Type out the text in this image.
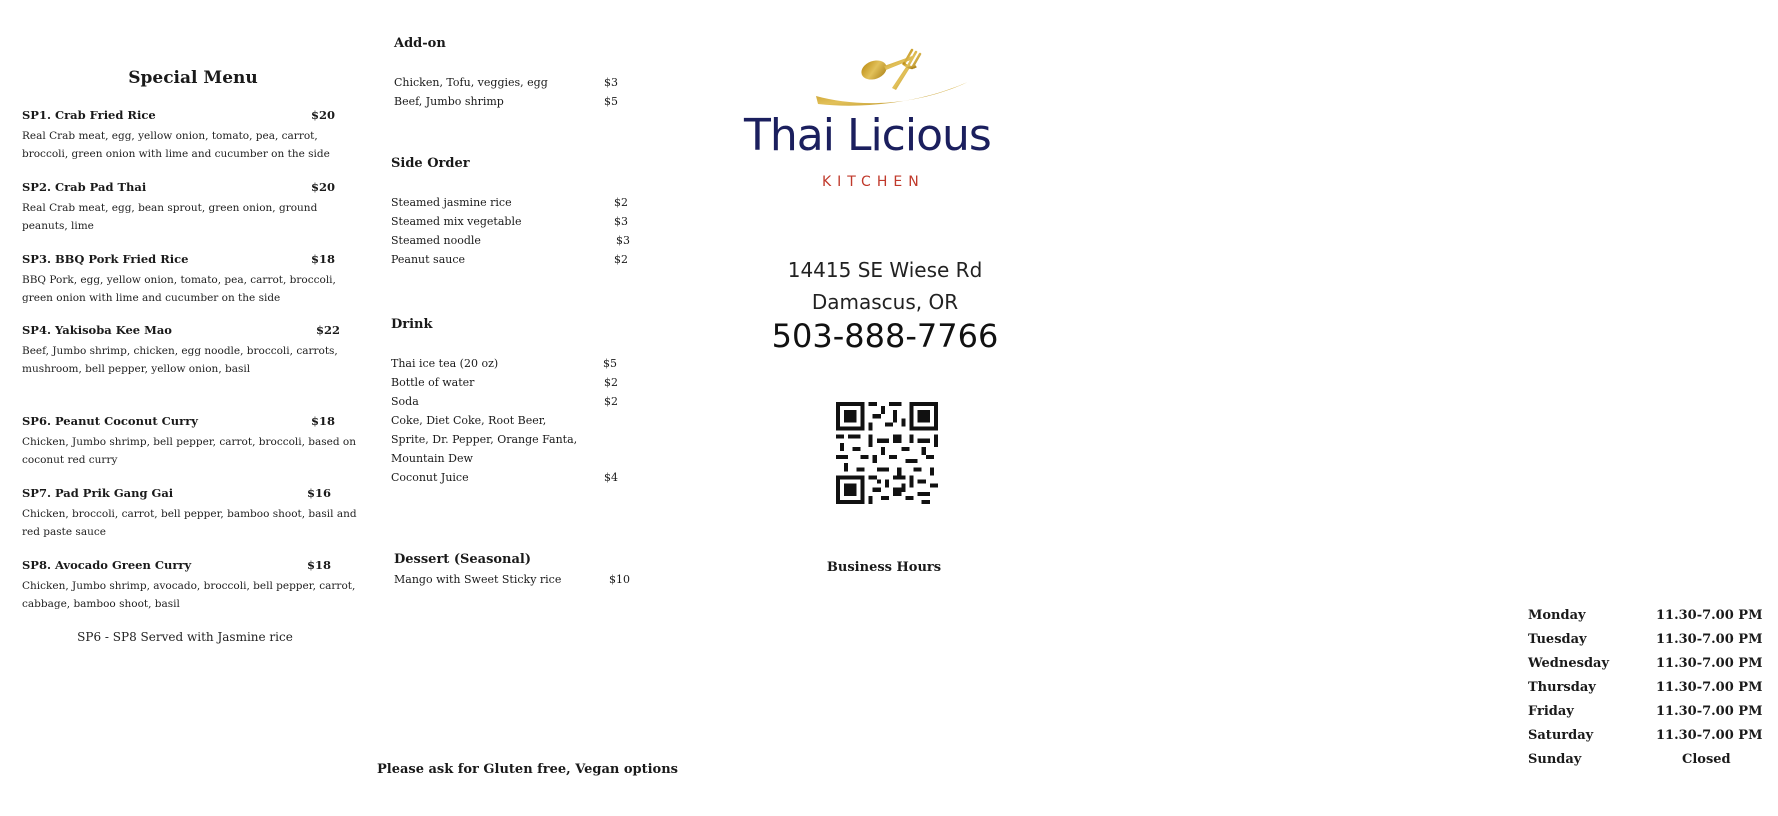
Special Menu
SP1. Crab Fried Rice	$20
Real Crab meat, egg, yellow onion, tomato, pea, carrot, broccoli, green onion with lime and cucumber on the side
SP2. Crab Pad Thai	$20
Real Crab meat, egg, bean sprout, green onion, ground peanuts, lime
SP3. BBQ Pork Fried Rice	$18
BBQ Pork, egg, yellow onion, tomato, pea, carrot, broccoli, green onion with lime and cucumber on the side
SP4. Yakisoba Kee Mao	$22
Beef, Jumbo shrimp, chicken, egg noodle, broccoli, carrots, mushroom, bell pepper, yellow onion, basil
SP6. Peanut Coconut Curry	$18
Chicken, Jumbo shrimp, bell pepper, carrot, broccoli, based on coconut red curry
SP7. Pad Prik Gang Gai	$16
Chicken, broccoli, carrot, bell pepper, bamboo shoot, basil and red paste sauce
SP8. Avocado Green Curry	$18
Chicken, Jumbo shrimp, avocado, broccoli, bell pepper, carrot, cabbage, bamboo shoot, basil
SP6 - SP8 Served with Jasmine rice
Add-on
Chicken, Tofu, veggies, egg	$3
Beef, Jumbo shrimp	$5
Side Order
Steamed jasmine rice	$2
Steamed mix vegetable	$3
Steamed noodle	$3
Peanut sauce	$2
Drink
Thai ice tea (20 oz)	$5
Bottle of water	$2
Soda	$2
Coke, Diet Coke, Root Beer,
Sprite, Dr. Pepper, Orange Fanta,
Mountain Dew
Coconut Juice	$4
Dessert (Seasonal)
Mango with Sweet Sticky rice	$10
Thai Licious
KITCHEN
14415 SE Wiese Rd
Damascus, OR
503-888-7766
Business Hours
Monday	11.30-7.00 PM
Tuesday	11.30-7.00 PM
Wednesday	11.30-7.00 PM
Thursday	11.30-7.00 PM
Friday	11.30-7.00 PM
Saturday	11.30-7.00 PM
Sunday	Closed
Please ask for Gluten free, Vegan options
